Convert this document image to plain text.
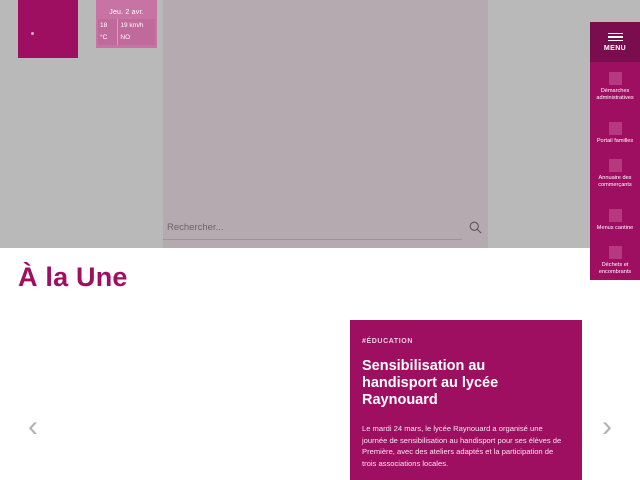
Jeu. 2 avr.
18 °C
19 km/h NO
Rechercher...
MENU
Démarches administratives
Portail familles
Annuaire des commerçants
Menus cantine
Déchets et encombrants
À la Une
‹	›
#ÉDUCATION
Sensibilisation au handisport au lycée Raynouard
Le mardi 24 mars, le lycée Raynouard a organisé une journée de sensibilisation au handisport pour ses élèves de Première, avec des ateliers adaptés et la participation de trois associations locales.
